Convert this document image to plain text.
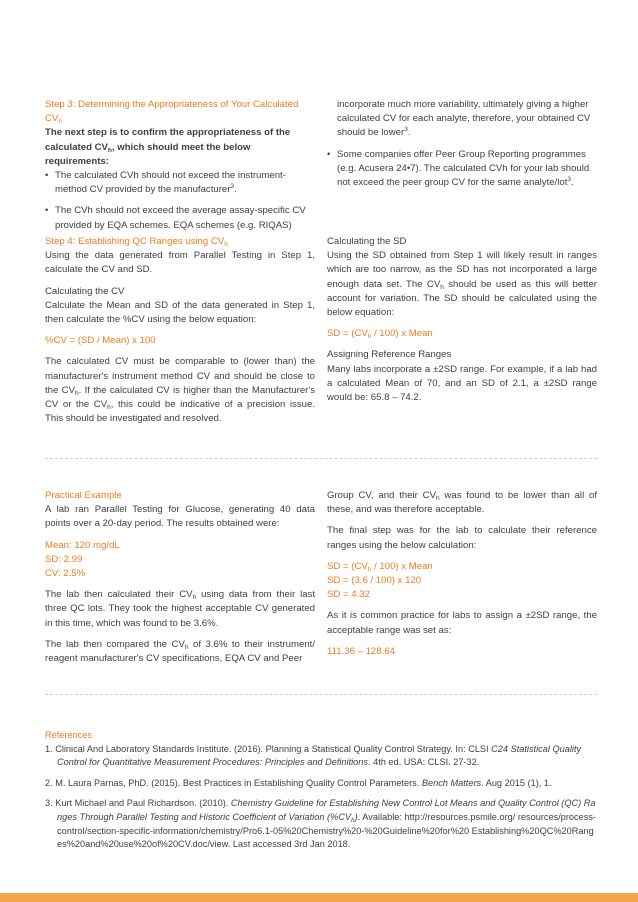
Step 3: Determining the Appropriateness of Your Calculated $CV_h$

The next step is to confirm the appropriateness of the calculated $CV_h$, which should meet the below requirements:

• The calculated CVh should not exceed the instrument-method CV provided by the manufacturer$^3$.
• The CVh should not exceed the average assay-specific CV provided by EQA schemes. EQA schemes (e.g. RIQAS)

incorporate much more variability, ultimately giving a higher calculated CV for each analyte, therefore, your obtained CV should be lower$^3$.

• Some companies offer Peer Group Reporting programmes (e.g. Acusera 24•7). The calculated CVh for your lab should not exceed the peer group CV for the same analyte/lot$^3$.

Step 4: Establishing QC Ranges using $CV_h$

Using the data generated from Parallel Testing in Step 1, calculate the CV and SD.

Calculating the CV

Calculate the Mean and SD of the data generated in Step 1, then calculate the %CV using the below equation:

%CV = (SD / Mean) x 100

The calculated CV must be comparable to (lower than) the manufacturer's instrument method CV and should be close to the $CV_h$. If the calculated CV is higher than the Manufacturer's CV or the $CV_h$, this could be indicative of a precision issue. This should be investigated and resolved.

Calculating the SD

Using the SD obtained from Step 1 will likely result in ranges which are too narrow, as the SD has not incorporated a large enough data set. The $CV_h$ should be used as this will better account for variation. The SD should be calculated using the below equation:

SD = $(CV_h / 100)$ x Mean

Assigning Reference Ranges

Many labs incorporate a ±2SD range. For example, if a lab had a calculated Mean of 70, and an SD of 2.1, a ±2SD range would be: 65.8 – 74.2.

Practical Example

A lab ran Parallel Testing for Glucose, generating 40 data points over a 20-day period. The results obtained were:

Mean: 120 mg/dL

SD: 2.99

CV: 2.5%

The lab then calculated their $CV_h$ using data from their last three QC lots. They took the highest acceptable CV generated in this time, which was found to be 3.6%.

The lab then compared the $CV_h$ of 3.6% to their instrument/ reagent manufacturer's CV specifications, EQA CV and Peer

Group CV, and their $CV_h$ was found to be lower than all of these, and was therefore acceptable.

The final step was for the lab to calculate their reference ranges using the below calculation:

SD = $(CV_h / 100)$ x Mean

SD = (3.6 / 100) x 120

SD = 4.32

As it is common practice for labs to assign a ±2SD range, the acceptable range was set as:

111.36 – 128.64

References

1. Clinical And Laboratory Standards Institute. (2016). Planning a Statistical Quality Control Strategy. In: CLSI C24 Statistical Quality Control for Quantitative Measurement Procedures: Principles and Definitions. 4th ed. USA: CLSI. 27-32.

2. M. Laura Parnas, PhD. (2015). Best Practices in Establishing Quality Control Parameters. Bench Matters. Aug 2015 (1), 1.

3. Kurt Michael and Paul Richardson. (2010). Chemistry Guideline for Establishing New Control Lot Means and Quality Control (QC) Ranges Through Parallel Testing and Historic Coefficient of Variation $(\%CV_h)$. Available: http://resources.psmile.org/ resources/process-control/section-specific-information/chemistry/Pro6.1-05%20Chemistry%20-%20Guideline%20for%20 Establishing%20QC%20Ranges%20and%20use%20of%20CV.doc/view. Last accessed 3rd Jan 2018.
